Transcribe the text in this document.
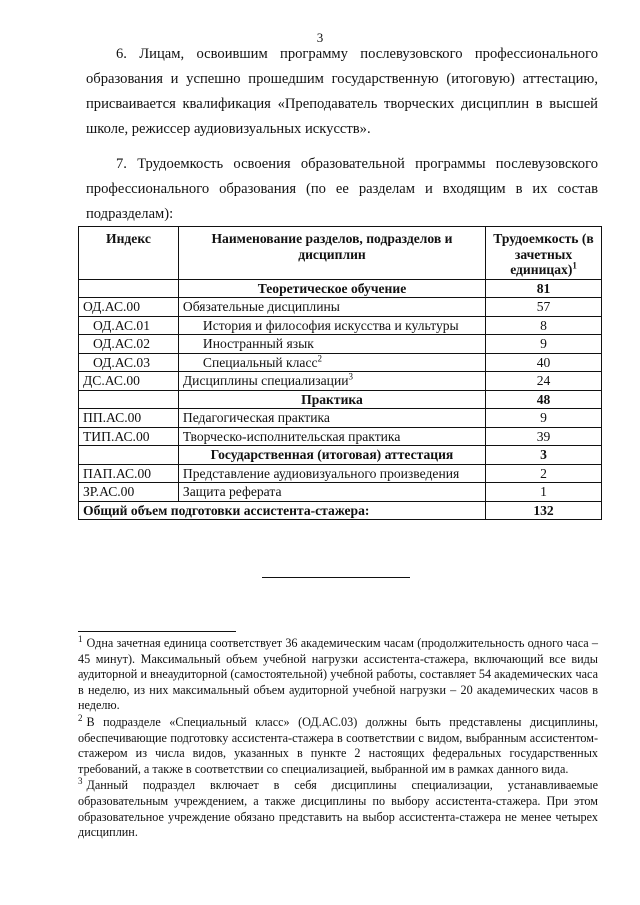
3
6. Лицам, освоившим программу послевузовского профессионального образования и успешно прошедшим государственную (итоговую) аттестацию, присваивается квалификация «Преподаватель творческих дисциплин в высшей школе, режиссер аудиовизуальных искусств».
7. Трудоемкость освоения образовательной программы послевузовского профессионального образования (по ее разделам и входящим в их состав подразделам):
Индекс	Наименование разделов, подразделов и дисциплин	Трудоемкость (в зачетных единицах)$^1$
	Теоретическое обучение	81
ОД.АС.00	Обязательные дисциплины	57
ОД.АС.01	История и философия искусства и культуры	8
ОД.АС.02	Иностранный язык	9
ОД.АС.03	Специальный класс$^2$	40
ДС.АС.00	Дисциплины специализации$^3$	24
	Практика	48
ПП.АС.00	Педагогическая практика	9
ТИП.АС.00	Творческо-исполнительская практика	39
	Государственная (итоговая) аттестация	3
ПАП.АС.00	Представление аудиовизуального произведения	2
ЗР.АС.00	Защита реферата	1
Общий объем подготовки ассистента-стажера:		132

$^1$ Одна зачетная единица соответствует 36 академическим часам (продолжительность одного часа – 45 минут). Максимальный объем учебной нагрузки ассистента-стажера, включающий все виды аудиторной и внеаудиторной (самостоятельной) учебной работы, составляет 54 академических часа в неделю, из них максимальный объем аудиторной учебной нагрузки – 20 академических часов в неделю.

$^2$ В подразделе «Специальный класс» (ОД.АС.03) должны быть представлены дисциплины, обеспечивающие подготовку ассистента-стажера в соответствии с видом, выбранным ассистентом-стажером из числа видов, указанных в пункте 2 настоящих федеральных государственных требований, а также в соответствии со специализацией, выбранной им в рамках данного вида.

$^3$ Данный подраздел включает в себя дисциплины специализации, устанавливаемые образовательным учреждением, а также дисциплины по выбору ассистента-стажера. При этом образовательное учреждение обязано представить на выбор ассистента-стажера не менее четырех дисциплин.
